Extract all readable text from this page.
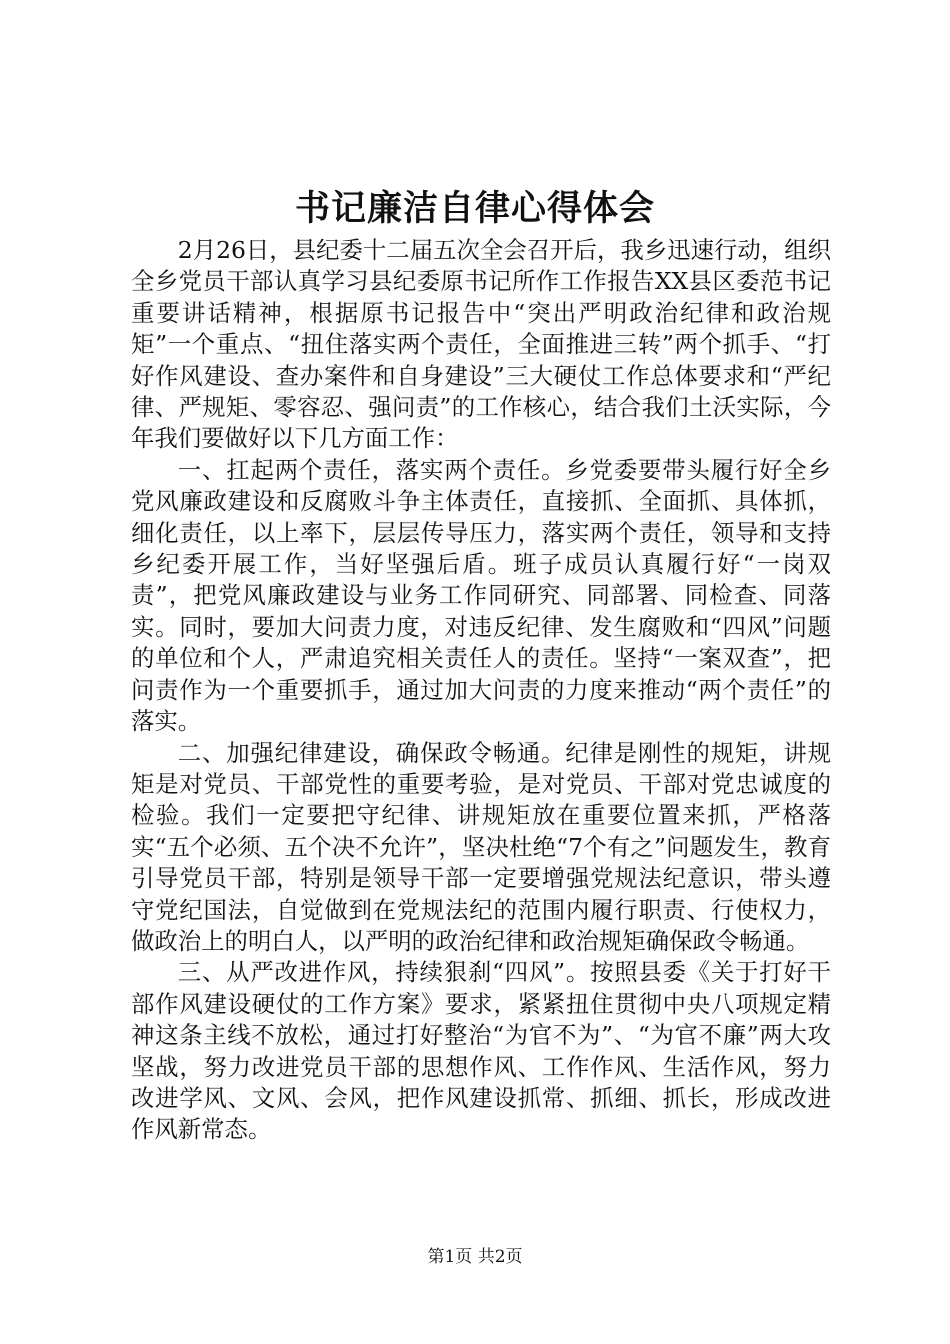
书记廉洁自律心得体会

2月26日，县纪委十二届五次全会召开后，我乡迅速行动，组织全乡党员干部认真学习县纪委原书记所作工作报告XX县区委范书记重要讲话精神，根据原书记报告中“突出严明政治纪律和政治规矩”一个重点、“扭住落实两个责任，全面推进三转”两个抓手、“打好作风建设、查办案件和自身建设”三大硬仗工作总体要求和“严纪律、严规矩、零容忍、强问责”的工作核心，结合我们土沃实际，今年我们要做好以下几方面工作：

一、扛起两个责任，落实两个责任。乡党委要带头履行好全乡党风廉政建设和反腐败斗争主体责任，直接抓、全面抓、具体抓，细化责任，以上率下，层层传导压力，落实两个责任，领导和支持乡纪委开展工作，当好坚强后盾。班子成员认真履行好“一岗双责”，把党风廉政建设与业务工作同研究、同部署、同检查、同落实。同时，要加大问责力度，对违反纪律、发生腐败和“四风”问题的单位和个人，严肃追究相关责任人的责任。坚持“一案双查”，把问责作为一个重要抓手，通过加大问责的力度来推动“两个责任”的落实。

二、加强纪律建设，确保政令畅通。纪律是刚性的规矩，讲规矩是对党员、干部党性的重要考验，是对党员、干部对党忠诚度的检验。我们一定要把守纪律、讲规矩放在重要位置来抓，严格落实“五个必须、五个决不允许”，坚决杜绝“7个有之”问题发生，教育引导党员干部，特别是领导干部一定要增强党规法纪意识，带头遵守党纪国法，自觉做到在党规法纪的范围内履行职责、行使权力，做政治上的明白人，以严明的政治纪律和政治规矩确保政令畅通。

三、从严改进作风，持续狠刹“四风”。按照县委《关于打好干部作风建设硬仗的工作方案》要求，紧紧扭住贯彻中央八项规定精神这条主线不放松，通过打好整治“为官不为”、“为官不廉”两大攻坚战，努力改进党员干部的思想作风、工作作风、生活作风，努力改进学风、文风、会风，把作风建设抓常、抓细、抓长，形成改进作风新常态。

第1页 共2页
